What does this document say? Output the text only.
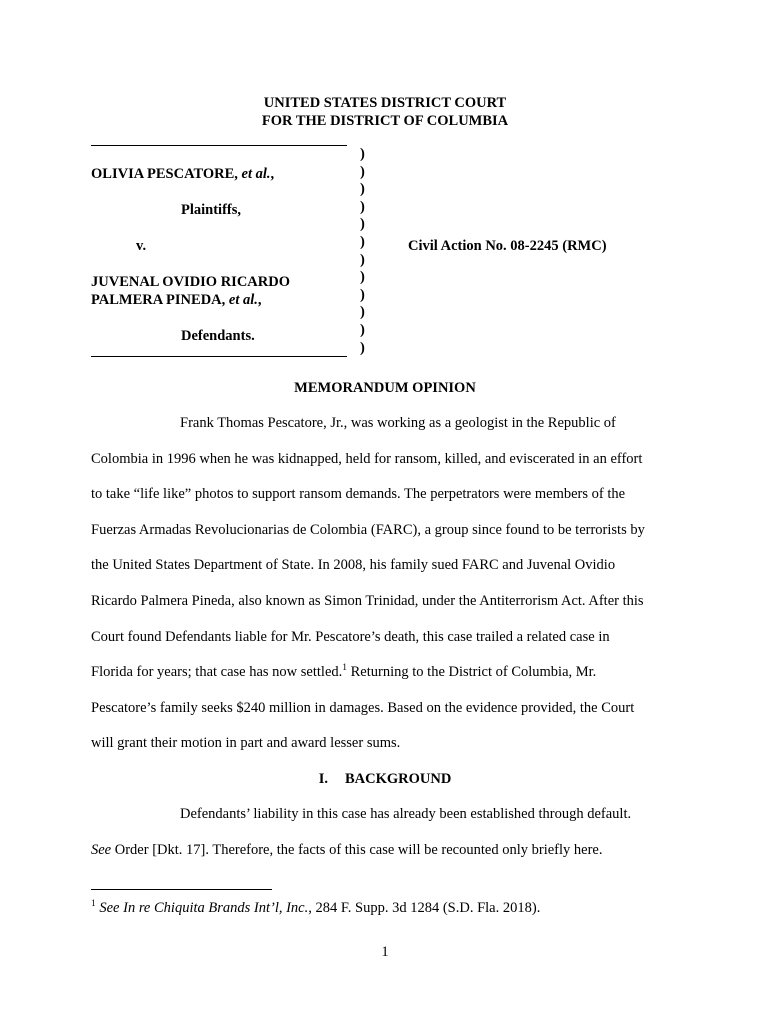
UNITED STATES DISTRICT COURT
FOR THE DISTRICT OF COLUMBIA
OLIVIA PESCATORE, et al.,
Plaintiffs,
v.
JUVENAL OVIDIO RICARDO
PALMERA PINEDA, et al.,
Defendants.
)
)
)
)
)
)
)
)
)
)
)
)
Civil Action No. 08-2245 (RMC)
MEMORANDUM OPINION
Frank Thomas Pescatore, Jr., was working as a geologist in the Republic of
Colombia in 1996 when he was kidnapped, held for ransom, killed, and eviscerated in an effort
to take “life like” photos to support ransom demands. The perpetrators were members of the
Fuerzas Armadas Revolucionarias de Colombia (FARC), a group since found to be terrorists by
the United States Department of State. In 2008, his family sued FARC and Juvenal Ovidio
Ricardo Palmera Pineda, also known as Simon Trinidad, under the Antiterrorism Act. After this
Court found Defendants liable for Mr. Pescatore’s death, this case trailed a related case in
Florida for years; that case has now settled.$^1$ Returning to the District of Columbia, Mr.
Pescatore’s family seeks $240 million in damages. Based on the evidence provided, the Court
will grant their motion in part and award lesser sums.
I. BACKGROUND
Defendants’ liability in this case has already been established through default.
See Order [Dkt. 17]. Therefore, the facts of this case will be recounted only briefly here.
$^1$ See In re Chiquita Brands Int’l, Inc., 284 F. Supp. 3d 1284 (S.D. Fla. 2018).
1
